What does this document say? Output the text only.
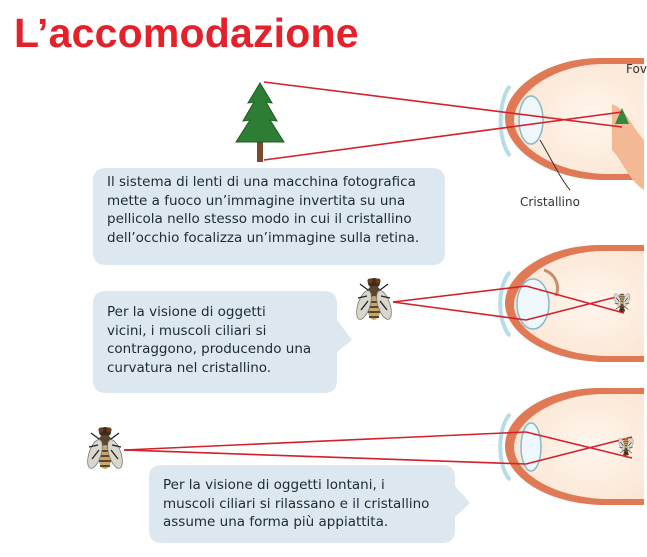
L’accomodazione
Fov
Cristallino
Il sistema di lenti di una macchina fotografica
mette a fuoco un’immagine invertita su una
pellicola nello stesso modo in cui il cristallino
dell’occhio focalizza un’immagine sulla retina.
Per la visione di oggetti
vicini, i muscoli ciliari si
contraggono, producendo una
curvatura nel cristallino.
Per la visione di oggetti lontani, i
muscoli ciliari si rilassano e il cristallino
assume una forma più appiattita.
